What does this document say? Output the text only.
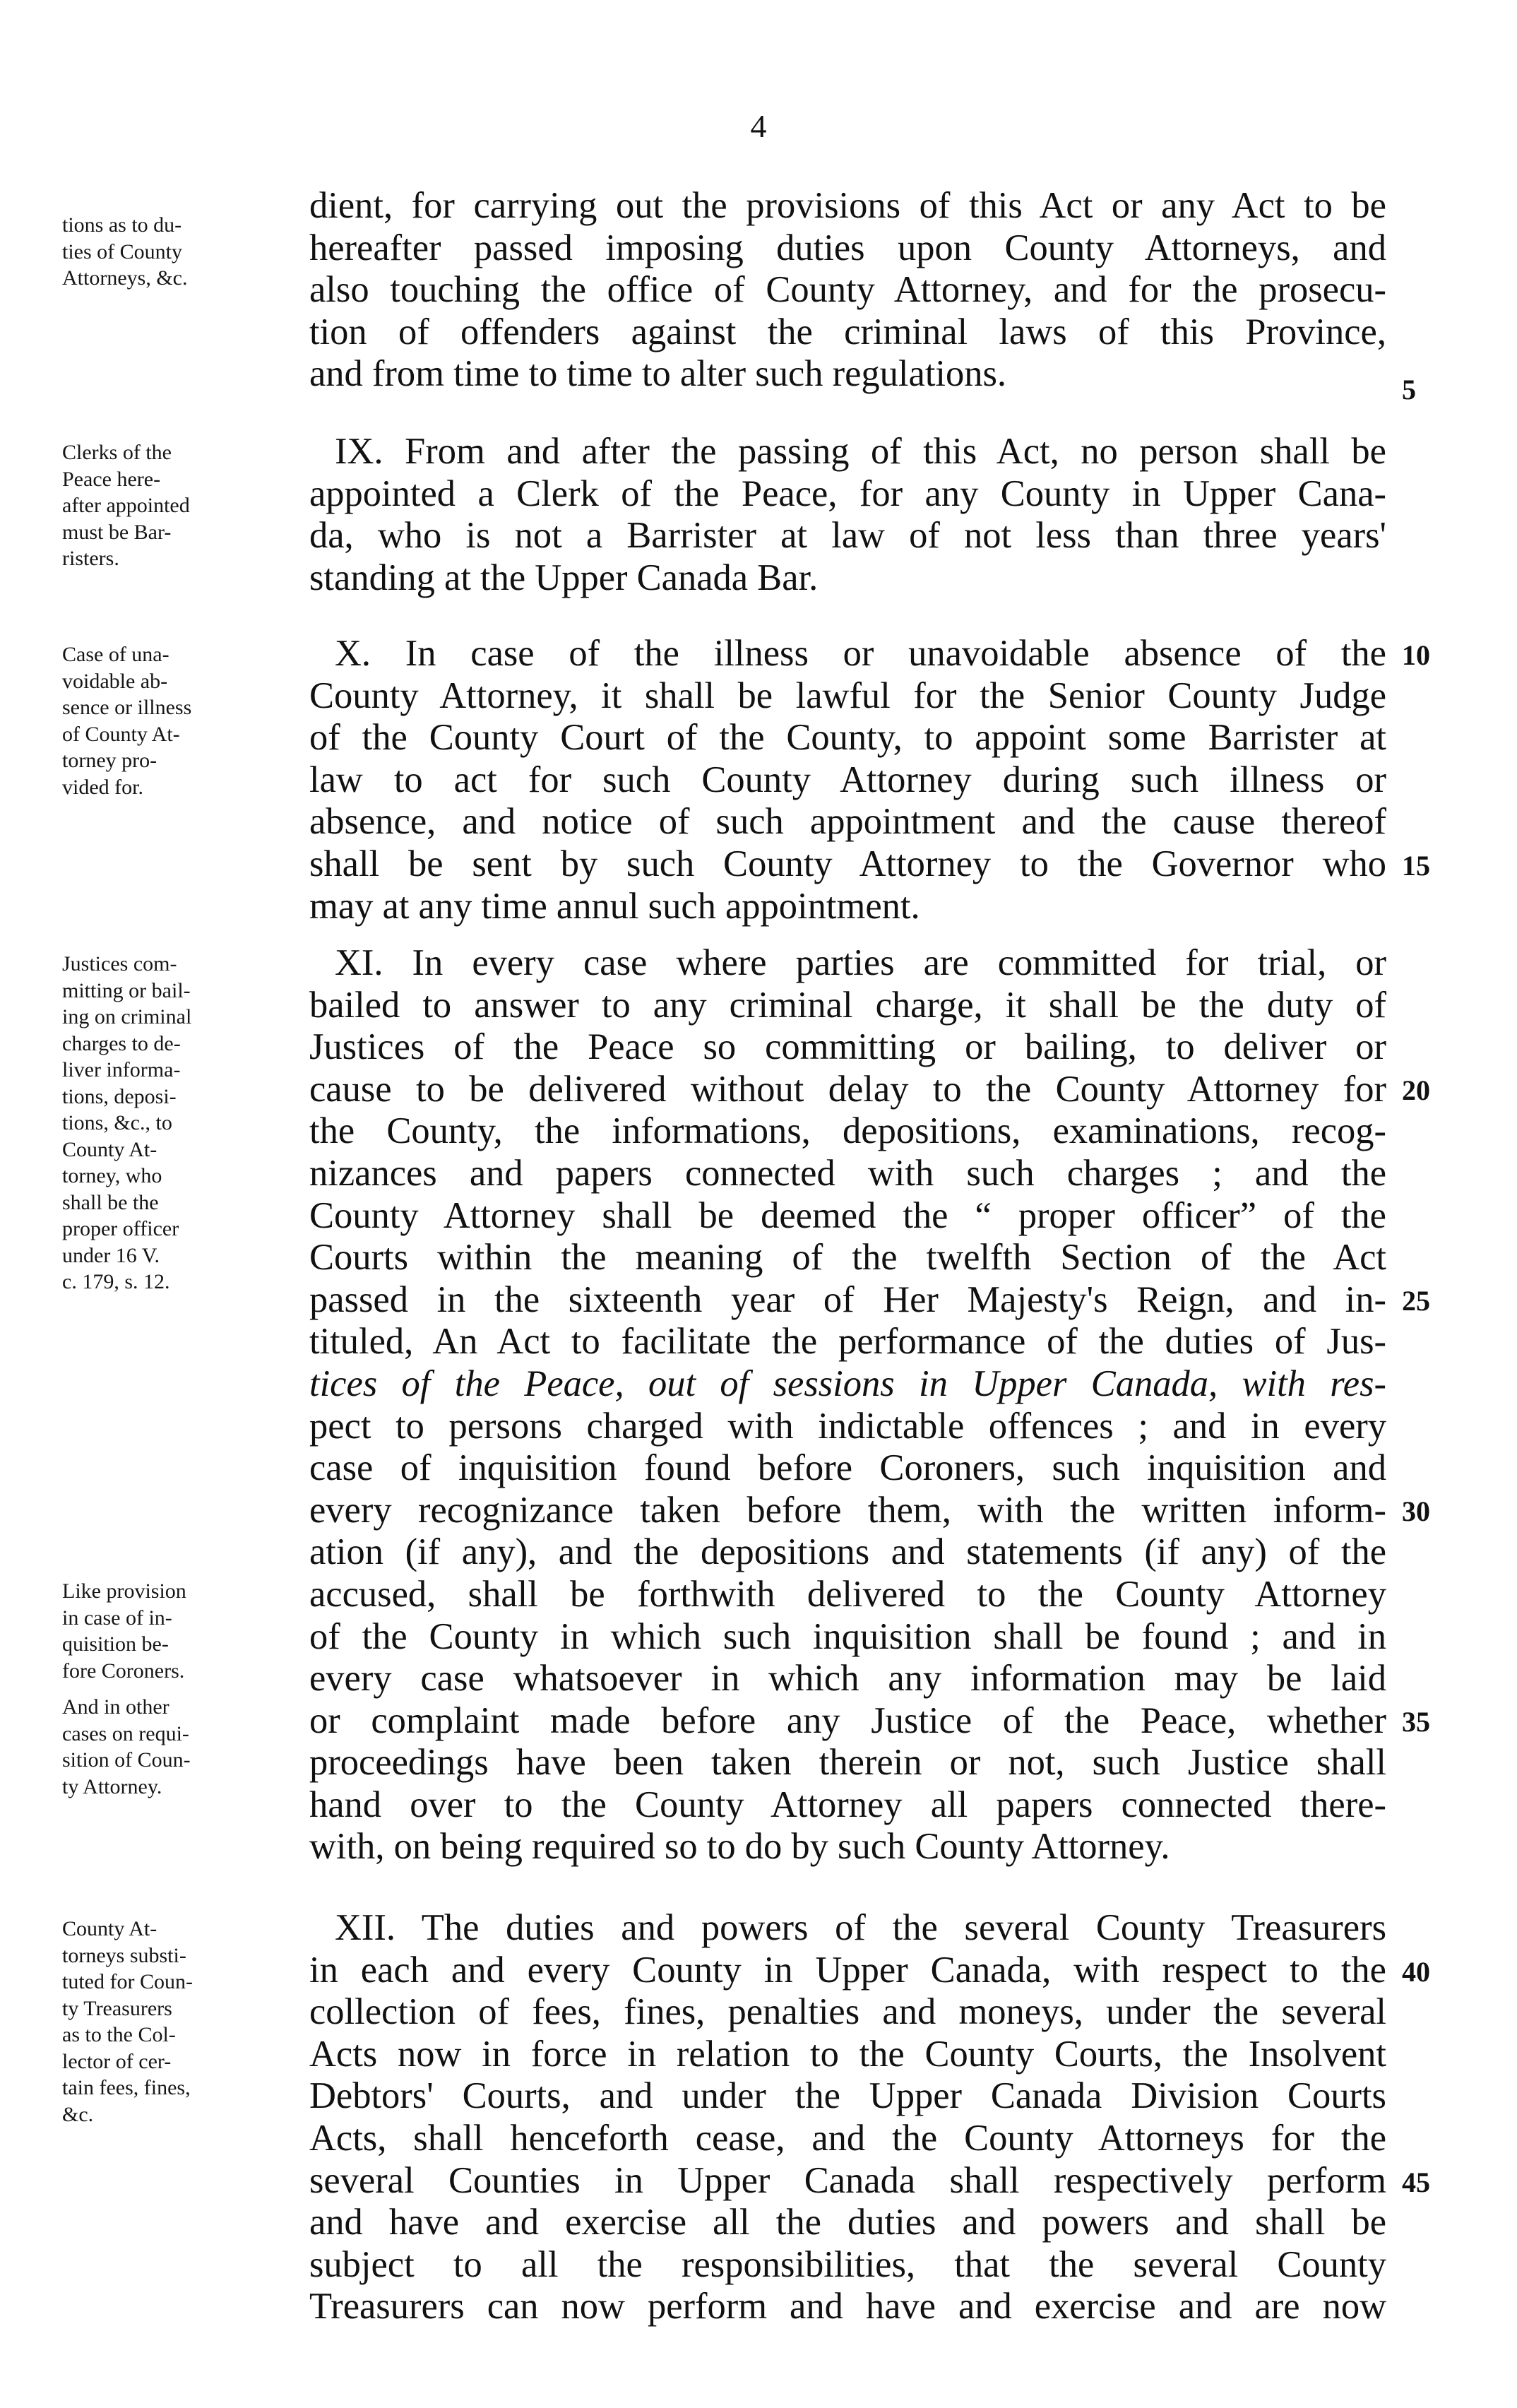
4
tions as to du-
ties of County
Attorneys, &c.
dient, for carrying out the provisions of this Act or any Act to be
hereafter passed imposing duties upon County Attorneys, and
also touching the office of County Attorney, and for the prosecu-
tion of offenders against the criminal laws of this Province,
and from time to time to alter such regulations.	5
Clerks of the
Peace here-
after appointed
must be Bar-
risters.
IX. From and after the passing of this Act, no person shall be
appointed a Clerk of the Peace, for any County in Upper Cana-
da, who is not a Barrister at law of not less than three years'
standing at the Upper Canada Bar.
Case of una-
voidable ab-
sence or illness
of County At-
torney pro-
vided for.
X. In case of the illness or unavoidable absence of the
County Attorney, it shall be lawful for the Senior County Judge
of the County Court of the County, to appoint some Barrister at
law to act for such County Attorney during such illness or
absence, and notice of such appointment and the cause thereof
shall be sent by such County Attorney to the Governor who
may at any time annul such appointment.
10
15
Justices com-
mitting or bail-
ing on criminal
charges to de-
liver informa-
tions, deposi-
tions, &c., to
County At-
torney, who
shall be the
proper officer
under 16 V.
c. 179, s. 12.
XI. In every case where parties are committed for trial, or
bailed to answer to any criminal charge, it shall be the duty of
Justices of the Peace so committing or bailing, to deliver or
cause to be delivered without delay to the County Attorney for
the County, the informations, depositions, examinations, recog-
nizances and papers connected with such charges ; and the
County Attorney shall be deemed the “ proper officer” of the
Courts within the meaning of the twelfth Section of the Act
passed in the sixteenth year of Her Majesty's Reign, and in-
tituled, An Act to facilitate the performance of the duties of Jus-
tices of the Peace, out of sessions in Upper Canada, with res-
pect to persons charged with indictable offences ; and in every
case of inquisition found before Coroners, such inquisition and
every recognizance taken before them, with the written inform-
ation (if any), and the depositions and statements (if any) of the
accused, shall be forthwith delivered to the County Attorney
of the County in which such inquisition shall be found ; and in
every case whatsoever in which any information may be laid
or complaint made before any Justice of the Peace, whether
proceedings have been taken therein or not, such Justice shall
hand over to the County Attorney all papers connected there-
with, on being required so to do by such County Attorney.
20
25
30
35
Like provision
in case of in-
quisition be-
fore Coroners.
And in other
cases on requi-
sition of Coun-
ty Attorney.
County At-
torneys substi-
tuted for Coun-
ty Treasurers
as to the Col-
lector of cer-
tain fees, fines,
&c.
XII. The duties and powers of the several County Treasurers
in each and every County in Upper Canada, with respect to the
collection of fees, fines, penalties and moneys, under the several
Acts now in force in relation to the County Courts, the Insolvent
Debtors' Courts, and under the Upper Canada Division Courts
Acts, shall henceforth cease, and the County Attorneys for the
several Counties in Upper Canada shall respectively perform
and have and exercise all the duties and powers and shall be
subject to all the responsibilities, that the several County
Treasurers can now perform and have and exercise and are now
40
45
